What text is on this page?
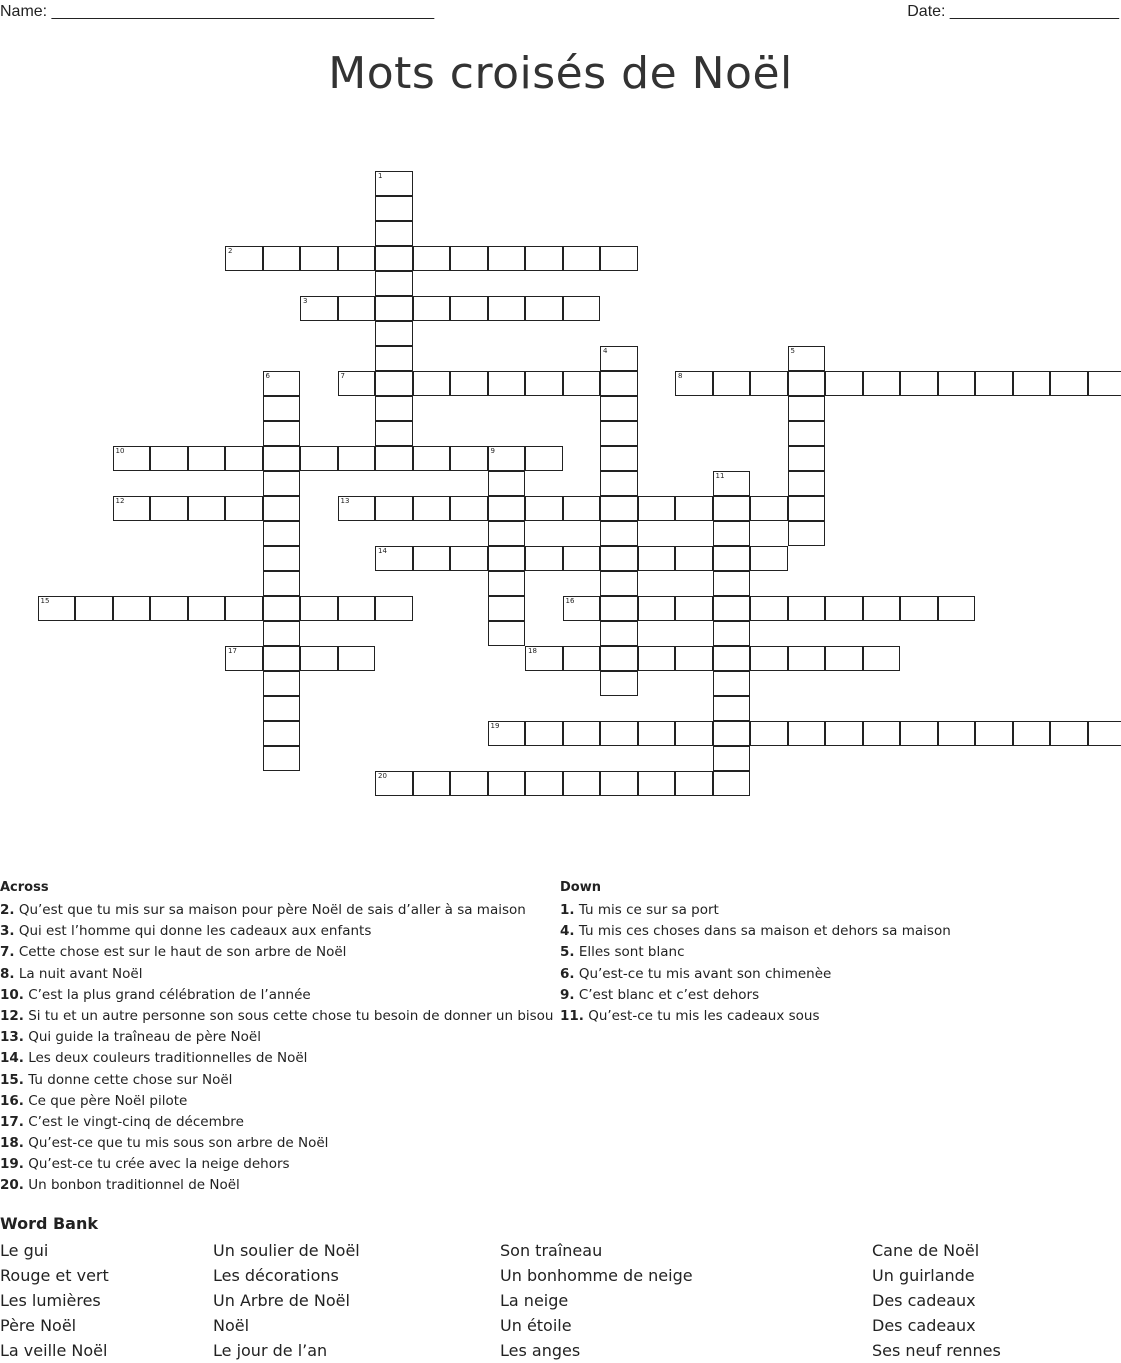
Name: ___________________________________________	Date: ___________________
Mots croisés de Noël
2
3
7	8
10	9
12	13
14
15	16
17	18
19
20
1
4	5
6
11
Across
2. Qu’est que tu mis sur sa maison pour père Noël de sais d’aller à sa maison
3. Qui est l’homme qui donne les cadeaux aux enfants
7. Cette chose est sur le haut de son arbre de Noël
8. La nuit avant Noël
10. C’est la plus grand célébration de l’année
12. Si tu et un autre personne son sous cette chose tu besoin de donner un bisou
13. Qui guide la traîneau de père Noël
14. Les deux couleurs traditionnelles de Noël
15. Tu donne cette chose sur Noël
16. Ce que père Noël pilote
17. C’est le vingt-cinq de décembre
18. Qu’est-ce que tu mis sous son arbre de Noël
19. Qu’est-ce tu crée avec la neige dehors
20. Un bonbon traditionnel de Noël
Down
1. Tu mis ce sur sa port
4. Tu mis ces choses dans sa maison et dehors sa maison
5. Elles sont blanc
6. Qu’est-ce tu mis avant son chimenèe
9. C’est blanc et c’est dehors
11. Qu’est-ce tu mis les cadeaux sous
Word Bank
Le gui
Rouge et vert
Les lumières
Père Noël
La veille Noël
Un soulier de Noël
Les décorations
Un Arbre de Noël
Noël
Le jour de l’an
Son traîneau
Un bonhomme de neige
La neige
Un étoile
Les anges
Cane de Noël
Un guirlande
Des cadeaux
Des cadeaux
Ses neuf rennes
